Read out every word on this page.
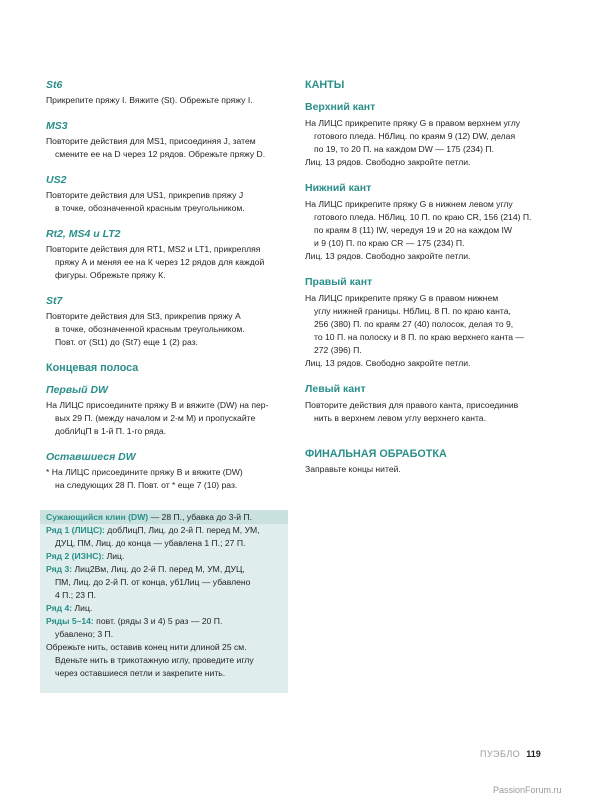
St6

Прикрепите пряжу I. Вяжите (St). Обрежьте пряжу I.

MS3

Повторите действия для MS1, присоединяя J, затем

смените ее на D через 12 рядов. Обрежьте пряжу D.

US2

Повторите действия для US1, прикрепив пряжу J

в точке, обозначенной красным треугольником.

Rt2, MS4 и LT2

Повторите действия для RT1, MS2 и LT1, прикрепляя

пряжу А и меняя ее на К через 12 рядов для каждой

фигуры. Обрежьте пряжу К.

St7

Повторите действия для St3, прикрепив пряжу А

в точке, обозначенной красным треугольником.

Повт. от (St1) до (St7) еще 1 (2) раз.

Концевая полоса

Первый DW

На ЛИЦС присоедините пряжу В и вяжите (DW) на пер-

вых 29 П. (между началом и 2-м М) и пропускайте

доблИцП в 1-й П. 1-го ряда.

Оставшиеся DW

* На ЛИЦС присоедините пряжу В и вяжите (DW)

на следующих 28 П. Повт. от * еще 7 (10) раз.

Сужающийся клин (DW) — 28 П., убавка до 3-й П.

Ряд 1 (ЛИЦС): добЛицП, Лиц. до 2-й П. перед М, УМ,

ДУЦ, ПМ, Лиц. до конца — убавлена 1 П.; 27 П.

Ряд 2 (ИЗНС): Лиц.

Ряд 3: Лиц2Вм, Лиц. до 2-й П. перед М, УМ, ДУЦ,

ПМ, Лиц. до 2-й П. от конца, уб1Лиц — убавлено

4 П.; 23 П.

Ряд 4: Лиц.

Ряды 5–14: повт. (ряды 3 и 4) 5 раз — 20 П.

убавлено; 3 П.

Обрежьте нить, оставив конец нити длиной 25 см.

Вденьте нить в трикотажную иглу, проведите иглу

через оставшиеся петли и закрепите нить.

КАНТЫ

Верхний кант

На ЛИЦС прикрепите пряжу G в правом верхнем углу

готового пледа. НбЛиц. по краям 9 (12) DW, делая

по 19, то 20 П. на каждом DW — 175 (234) П.

Лиц. 13 рядов. Свободно закройте петли.

Нижний кант

На ЛИЦС прикрепите пряжу G в нижнем левом углу

готового пледа. НбЛиц. 10 П. по краю CR, 156 (214) П.

по краям 8 (11) IW, чередуя 19 и 20 на каждом IW

и 9 (10) П. по краю CR — 175 (234) П.

Лиц. 13 рядов. Свободно закройте петли.

Правый кант

На ЛИЦС прикрепите пряжу G в правом нижнем

углу нижней границы. НбЛиц. 8 П. по краю канта,

256 (380) П. по краям 27 (40) полосок, делая то 9,

то 10 П. на полоску и 8 П. по краю верхнего канта —

272 (396) П.

Лиц. 13 рядов. Свободно закройте петли.

Левый кант

Повторите действия для правого канта, присоединив

нить в верхнем левом углу верхнего канта.

ФИНАЛЬНАЯ ОБРАБОТКА

Заправьте концы нитей.

ПУЭБЛО 119
PassionForum.ru
